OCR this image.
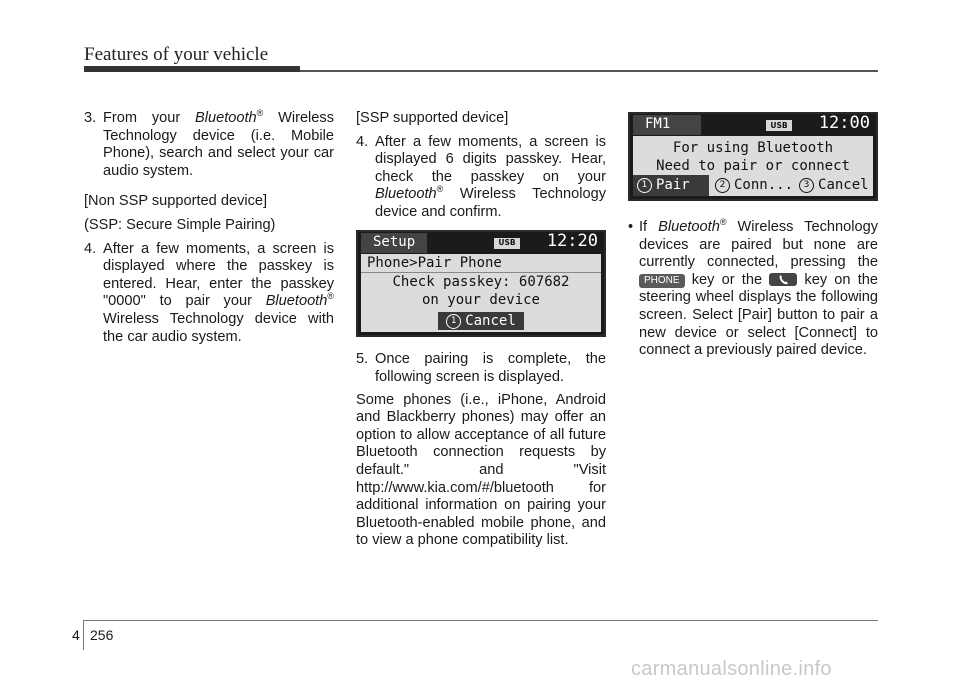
Features of your vehicle
3. From your Bluetooth® Wireless Technology device (i.e. Mobile Phone), search and select your car audio system.
[Non SSP supported device]
(SSP: Secure Simple Pairing)
4. After a few moments, a screen is displayed where the passkey is entered. Hear, enter the passkey "0000" to pair your Bluetooth® Wireless Technology device with the car audio system.
[SSP supported device]
4. After a few moments, a screen is displayed 6 digits passkey. Hear, check the passkey on your Bluetooth® Wireless Technology device and confirm.
Setup	USB 12:20
Phone>Pair Phone
Check passkey: 607682
on your device
1 Cancel
5. Once pairing is complete, the following screen is displayed.
Some phones (i.e., iPhone, Android and Blackberry phones) may offer an option to allow acceptance of all future Bluetooth connection requests by default." and "Visit http://www.kia.com/#/bluetooth for additional information on pairing your Bluetooth-enabled mobile phone, and to view a phone compatibility list.
FM1	USB 12:00
For using Bluetooth
Need to pair or connect
1 Pair	2 Conn...	3 Cancel
• If Bluetooth® Wireless Technology devices are paired but none are currently connected, pressing the PHONE key or the
key on the steering wheel displays the following screen. Select [Pair] button to pair a new device or select [Connect] to connect a previously paired device.
4 256
carmanualsonline.info
